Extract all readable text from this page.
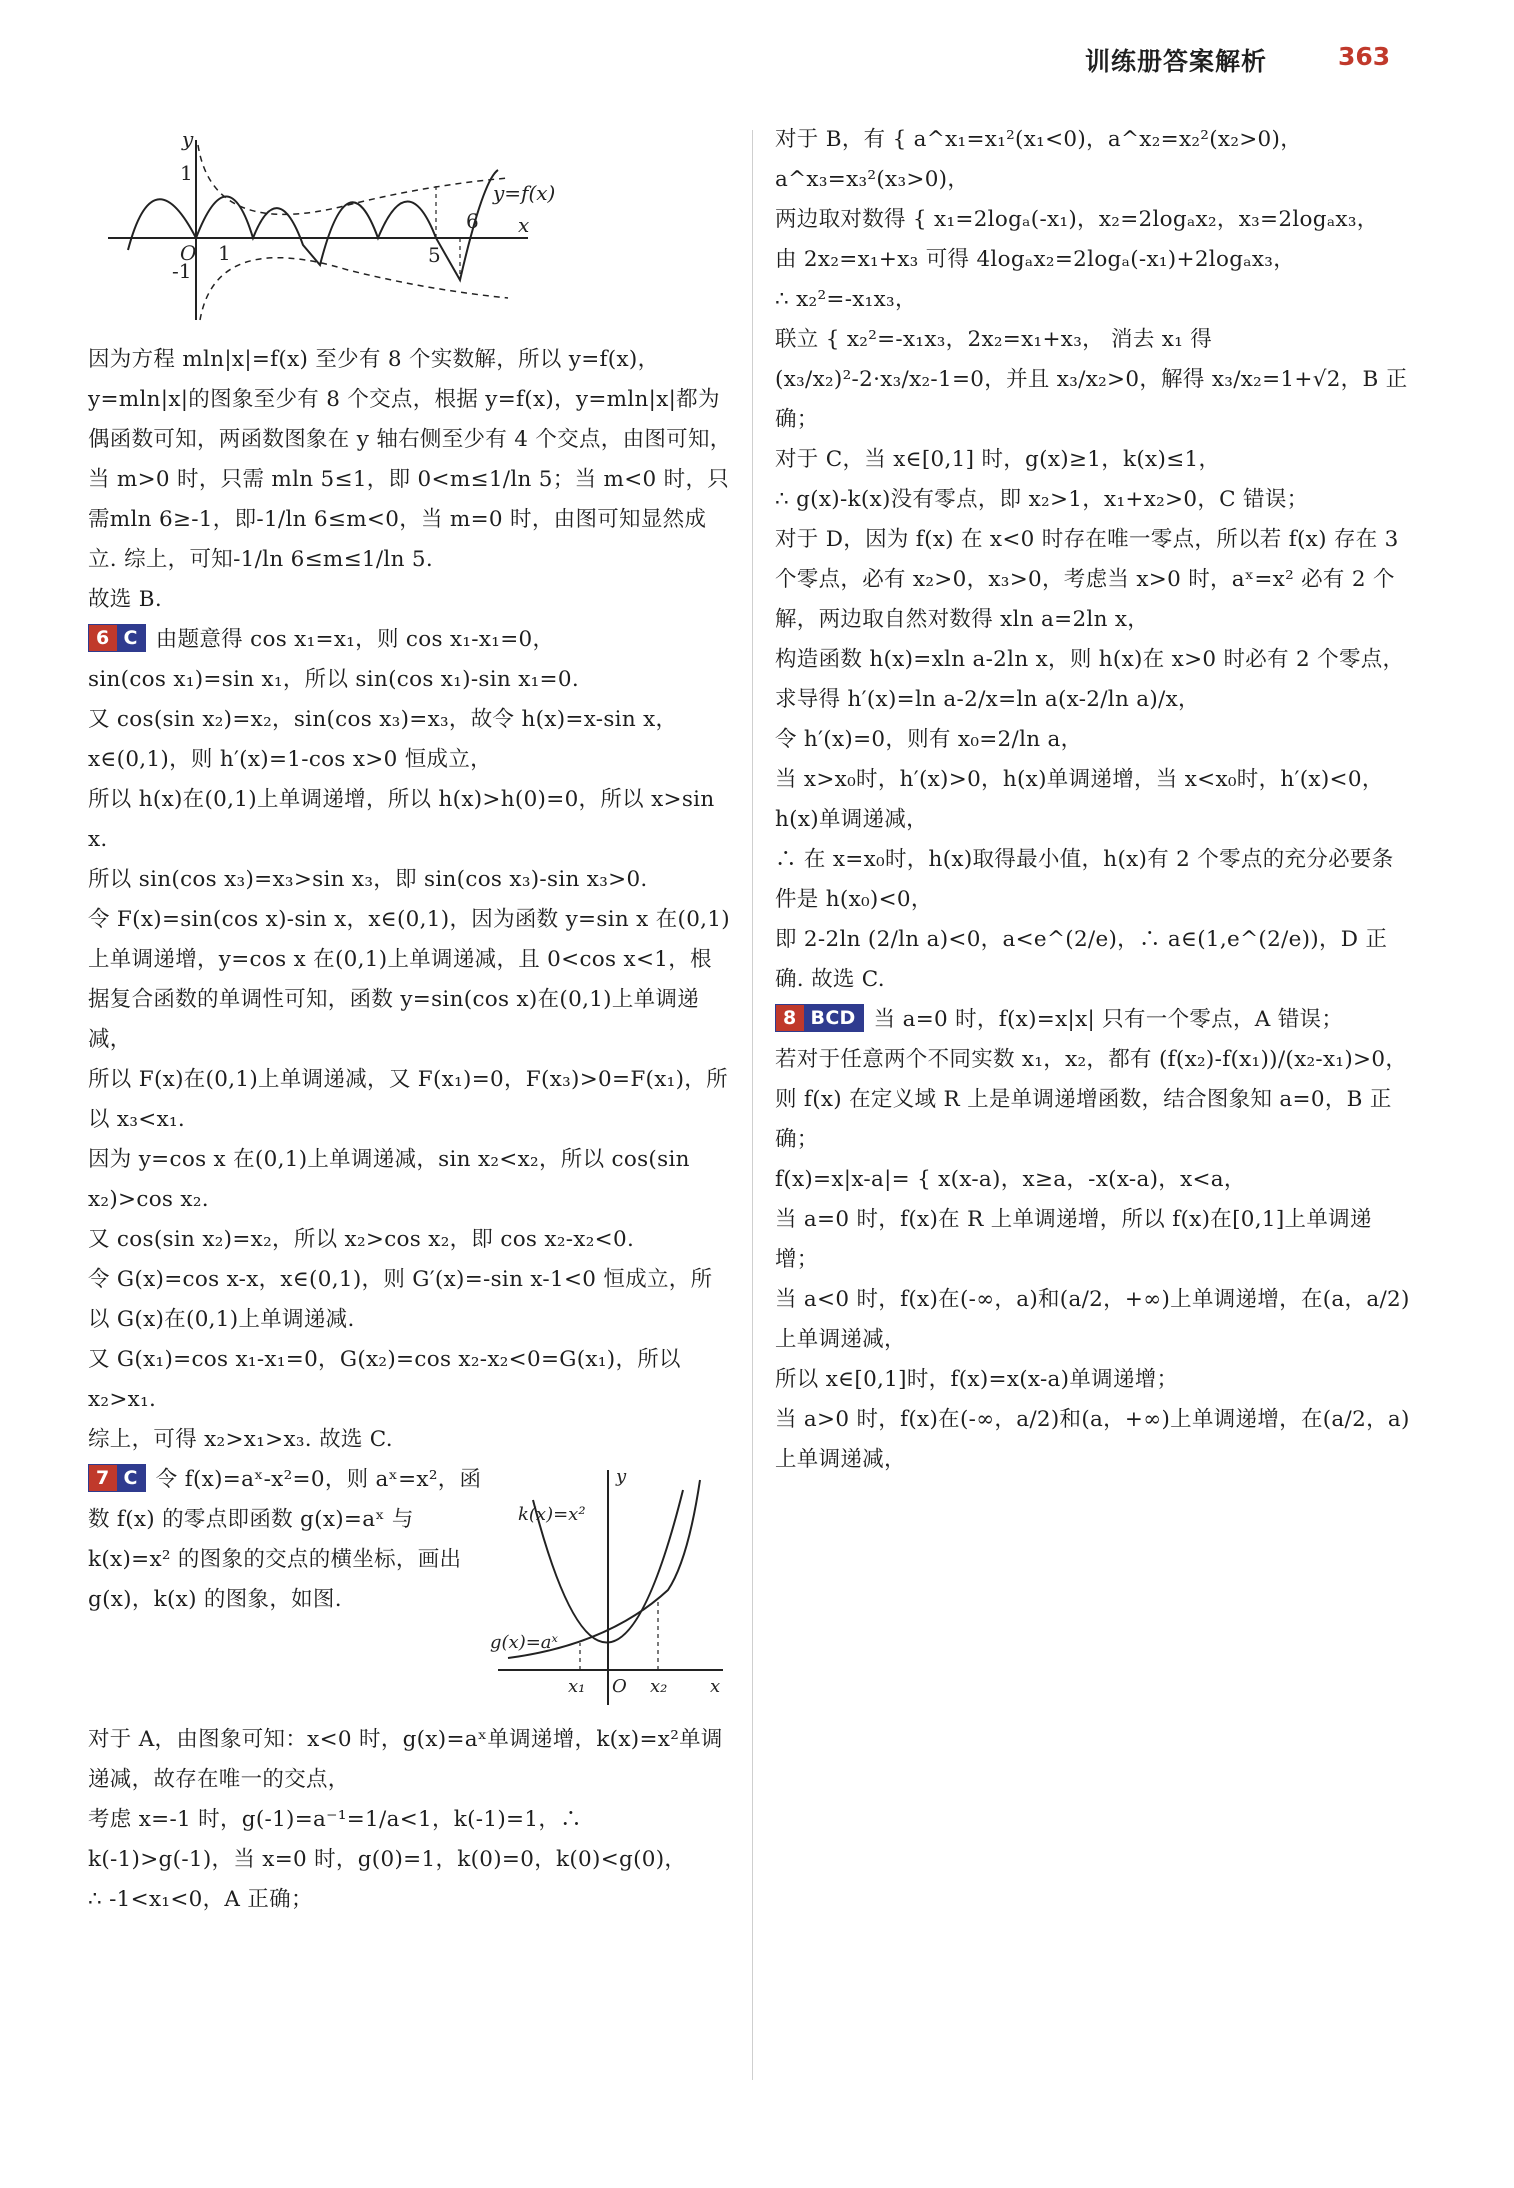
训练册答案解析	363
y
1
O 1
-1
5
6 x
y=f(x)

因为方程 mln|x|=f(x) 至少有 8 个实数解，所以 y=f(x)，y=mln|x|的图象至少有 8 个交点，根据 y=f(x)，y=mln|x|都为偶函数可知，两函数图象在 y 轴右侧至少有 4 个交点，由图可知，当 m>0 时，只需 mln 5≤1，即 0<m≤1/ln 5；当 m<0 时，只需mln 6≥-1，即-1/ln 6≤m<0，当 m=0 时，由图可知显然成立. 综上，可知-1/ln 6≤m≤1/ln 5.

故选 B.

6 C 由题意得 cos x₁=x₁，则 cos x₁-x₁=0，

sin(cos x₁)=sin x₁，所以 sin(cos x₁)-sin x₁=0.

又 cos(sin x₂)=x₂，sin(cos x₃)=x₃，故令 h(x)=x-sin x，x∈(0,1)，则 h′(x)=1-cos x>0 恒成立，

所以 h(x)在(0,1)上单调递增，所以 h(x)>h(0)=0，所以 x>sin x.

所以 sin(cos x₃)=x₃>sin x₃，即 sin(cos x₃)-sin x₃>0.

令 F(x)=sin(cos x)-sin x，x∈(0,1)，因为函数 y=sin x 在(0,1)上单调递增，y=cos x 在(0,1)上单调递减，且 0<cos x<1，根据复合函数的单调性可知，函数 y=sin(cos x)在(0,1)上单调递减，

所以 F(x)在(0,1)上单调递减，又 F(x₁)=0，F(x₃)>0=F(x₁)，所以 x₃<x₁.

因为 y=cos x 在(0,1)上单调递减，sin x₂<x₂，所以 cos(sin x₂)>cos x₂.

又 cos(sin x₂)=x₂，所以 x₂>cos x₂，即 cos x₂-x₂<0.

令 G(x)=cos x-x，x∈(0,1)，则 G′(x)=-sin x-1<0 恒成立，所以 G(x)在(0,1)上单调递减.

又 G(x₁)=cos x₁-x₁=0，G(x₂)=cos x₂-x₂<0=G(x₁)，所以 x₂>x₁.

综上，可得 x₂>x₁>x₃. 故选 C.

7 C 令 f(x)=aˣ-x²=0，则 aˣ=x²，函数 f(x) 的零点即函数 g(x)=aˣ 与 k(x)=x² 的图象的交点的横坐标，画出 g(x)，k(x) 的图象，如图.

y
k(x)=x²
g(x)=aˣ
x₁ O x₂ x

对于 A，由图象可知：x<0 时，g(x)=aˣ单调递增，k(x)=x²单调递减，故存在唯一的交点，

考虑 x=-1 时，g(-1)=a⁻¹=1/a<1，k(-1)=1，∴ k(-1)>g(-1)，当 x=0 时，g(0)=1，k(0)=0，k(0)<g(0)，

∴ -1<x₁<0，A 正确；

对于 B，有 { a^x₁=x₁²(x₁<0)，a^x₂=x₂²(x₂>0)，a^x₃=x₃²(x₃>0)，

两边取对数得 { x₁=2logₐ(-x₁)，x₂=2logₐx₂，x₃=2logₐx₃，

由 2x₂=x₁+x₃ 可得 4logₐx₂=2logₐ(-x₁)+2logₐx₃，

∴ x₂²=-x₁x₃，

联立 { x₂²=-x₁x₃，2x₂=x₁+x₃， 消去 x₁ 得 (x₃/x₂)²-2·x₃/x₂-1=0，并且 x₃/x₂>0，解得 x₃/x₂=1+√2，B 正确；

对于 C，当 x∈[0,1] 时，g(x)≥1，k(x)≤1，

∴ g(x)-k(x)没有零点，即 x₂>1，x₁+x₂>0，C 错误；

对于 D，因为 f(x) 在 x<0 时存在唯一零点，所以若 f(x) 存在 3 个零点，必有 x₂>0，x₃>0，考虑当 x>0 时，aˣ=x² 必有 2 个解，两边取自然对数得 xln a=2ln x，

构造函数 h(x)=xln a-2ln x，则 h(x)在 x>0 时必有 2 个零点，

求导得 h′(x)=ln a-2/x=ln a(x-2/ln a)/x，

令 h′(x)=0，则有 x₀=2/ln a，

当 x>x₀时，h′(x)>0，h(x)单调递增，当 x<x₀时，h′(x)<0，h(x)单调递减，

∴ 在 x=x₀时，h(x)取得最小值，h(x)有 2 个零点的充分必要条件是 h(x₀)<0，

即 2-2ln (2/ln a)<0，a<e^(2/e)，∴ a∈(1,e^(2/e))，D 正确. 故选 C.

8 BCD 当 a=0 时，f(x)=x|x| 只有一个零点，A 错误；

若对于任意两个不同实数 x₁，x₂，都有 (f(x₂)-f(x₁))/(x₂-x₁)>0，

则 f(x) 在定义域 R 上是单调递增函数，结合图象知 a=0，B 正确；

f(x)=x|x-a|= { x(x-a)，x≥a，-x(x-a)，x<a，

当 a=0 时，f(x)在 R 上单调递增，所以 f(x)在[0,1]上单调递增；

当 a<0 时，f(x)在(-∞，a)和(a/2，+∞)上单调递增，在(a，a/2)上单调递减，

所以 x∈[0,1]时，f(x)=x(x-a)单调递增；

当 a>0 时，f(x)在(-∞，a/2)和(a，+∞)上单调递增，在(a/2，a)上单调递减，
